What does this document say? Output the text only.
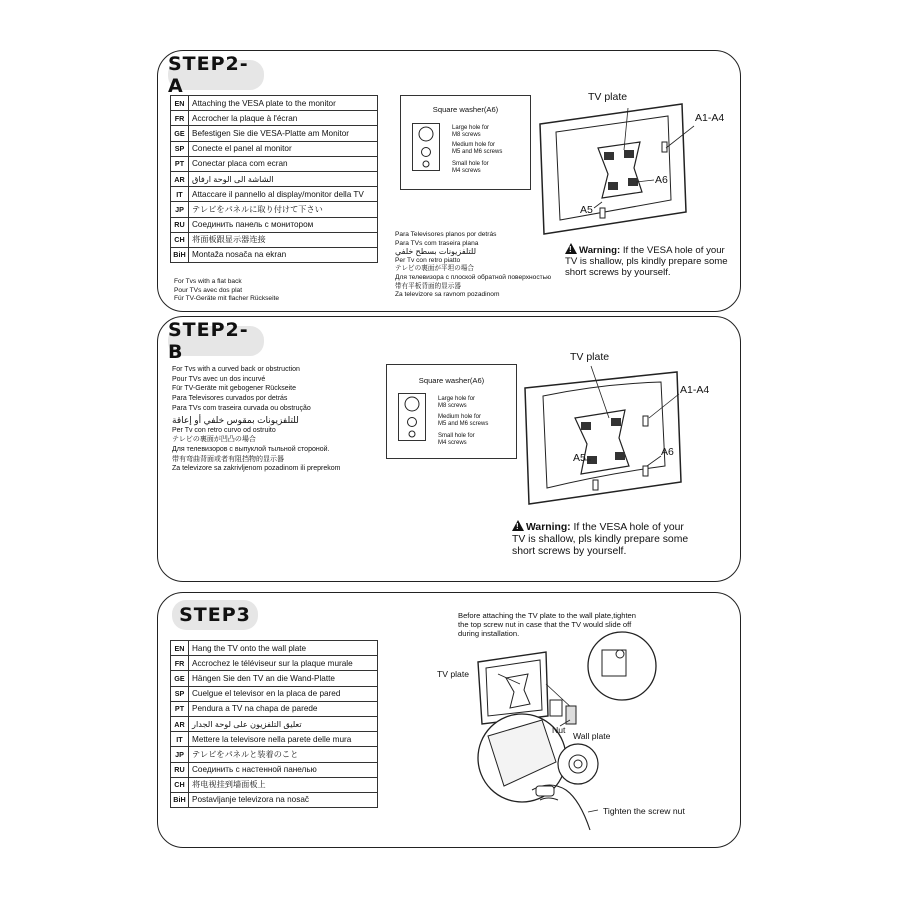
STEP2-A
EN	Attaching the VESA plate to the monitor
FR	Accrocher la plaque à l'écran
GE	Befestigen Sie die VESA-Platte am Monitor
SP	Conecte el panel al monitor
PT	Conectar placa com ecran
AR	الشاشة الى الوحة ارفاق
IT	Attaccare il pannello al display/monitor della TV
JP	テレビをパネルに取り付けて下さい
RU	Соединить панель с монитором
CH	将面板跟显示器连接
BiH	Montaža nosača na ekran
For Tvs with a flat back
Pour TVs avec dos plat
Für TV-Geräte mit flacher Rückseite
Para Televisores planos por detrás
Para TVs com traseira plana
للتلفزيونات بسطح خلفي
Per Tv con retro piatto
テレビの裏面が平坦の場合
Для телевизора с плоской обратной поверхностью
带有平板背面的显示器
Za televizore sa ravnom pozadinom
Square washer(A6)
Large hole for
M8 screws
Medium hole for
M5 and M6 screws
Small hole for
M4 screws
TV plate
A1-A4
A6
A5
!Warning: If the VESA hole of your
TV is shallow, pls kindly prepare some
short screws by yourself.
STEP2-B
For Tvs with a curved back or obstruction
Pour TVs avec un dos incurvé
Für TV-Geräte mit gebogener Rückseite
Para Televisores curvados por detrás
Para TVs com traseira curvada ou obstrução
للتلفزيونات بمقوس خلفي أو إعاقة
Per Tv con retro curvo od ostruito
テレビの裏面が凹凸の場合
Для телевизоров с выпуклой тыльной стороной.
带有弯曲背面或者有阻挡物的显示器
Za televizore sa zakrivljenom pozadinom ili preprekom
Square washer(A6)
Large hole for
M8 screws
Medium hole for
M5 and M6 screws
Small hole for
M4 screws
TV plate
A1-A4
A6
A5
!Warning: If the VESA hole of your
TV is shallow, pls kindly prepare some
short screws by yourself.
STEP3
EN	Hang the TV onto the wall plate
FR	Accrochez le téléviseur sur la plaque murale
GE	Hängen Sie den TV an die Wand-Platte
SP	Cuelgue el televisor en la placa de pared
PT	Pendura a TV na chapa de parede
AR	تعليق التلفزيون على لوحة الجدار
IT	Mettere la televisore nella parete delle mura
JP	テレビをパネルと装着のこと
RU	Соединить с настенной панелью
CH	将电视挂到墙面板上
BiH	Postavljanje televizora na nosač
Before attaching the TV plate to the wall plate,tighten
the top screw nut in case that the TV would slide off
during installation.
TV plate
Nut
Wall plate
Tighten the screw nut
